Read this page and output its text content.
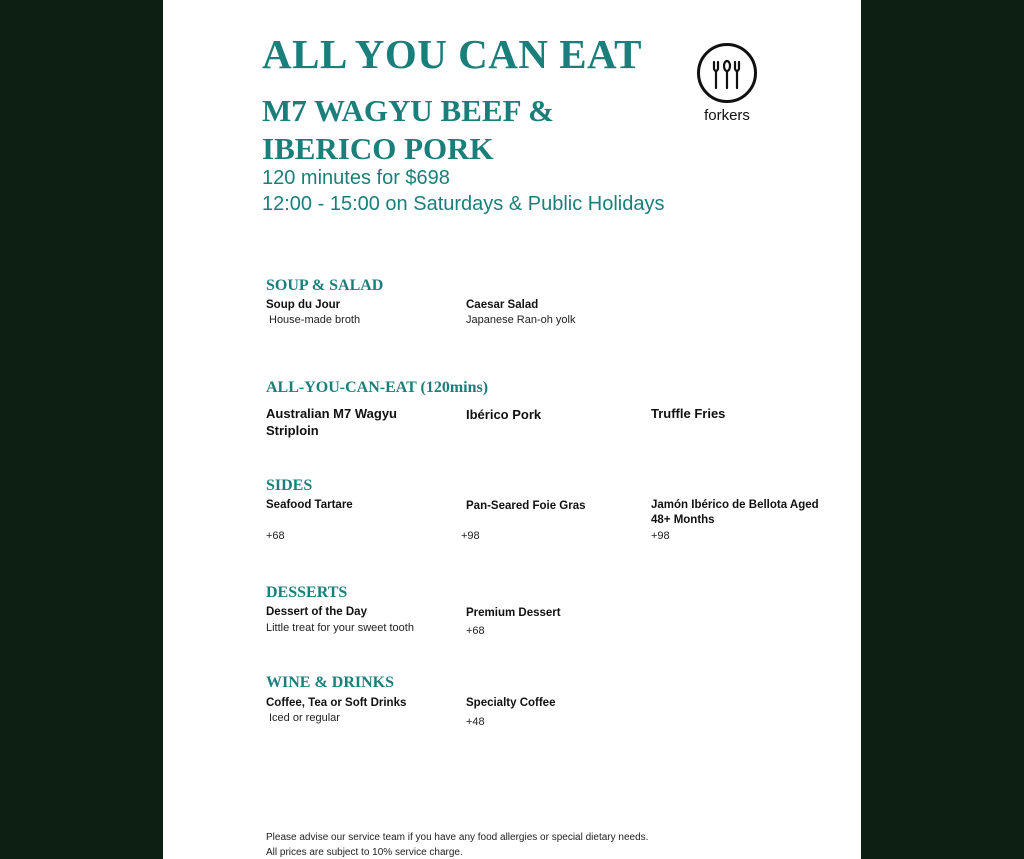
ALL YOU CAN EAT
M7 WAGYU BEEF &
IBERICO PORK
120 minutes for $698
12:00 - 15:00 on Saturdays & Public Holidays
forkers
SOUP & SALAD
Soup du Jour
House-made broth
Caesar Salad
Japanese Ran-oh yolk
ALL-YOU-CAN-EAT (120mins)
Australian M7 Wagyu Striploin
Ibérico Pork	Truffle Fries
SIDES
Seafood Tartare
+68
Pan-Seared Foie Gras
+98
Jamón Ibérico de Bellota Aged 48+ Months
+98
DESSERTS
Dessert of the Day
Little treat for your sweet tooth
Premium Dessert
+68
WINE & DRINKS
Coffee, Tea or Soft Drinks
Iced or regular
Specialty Coffee
+48
Please advise our service team if you have any food allergies or special dietary needs.
All prices are subject to 10% service charge.
